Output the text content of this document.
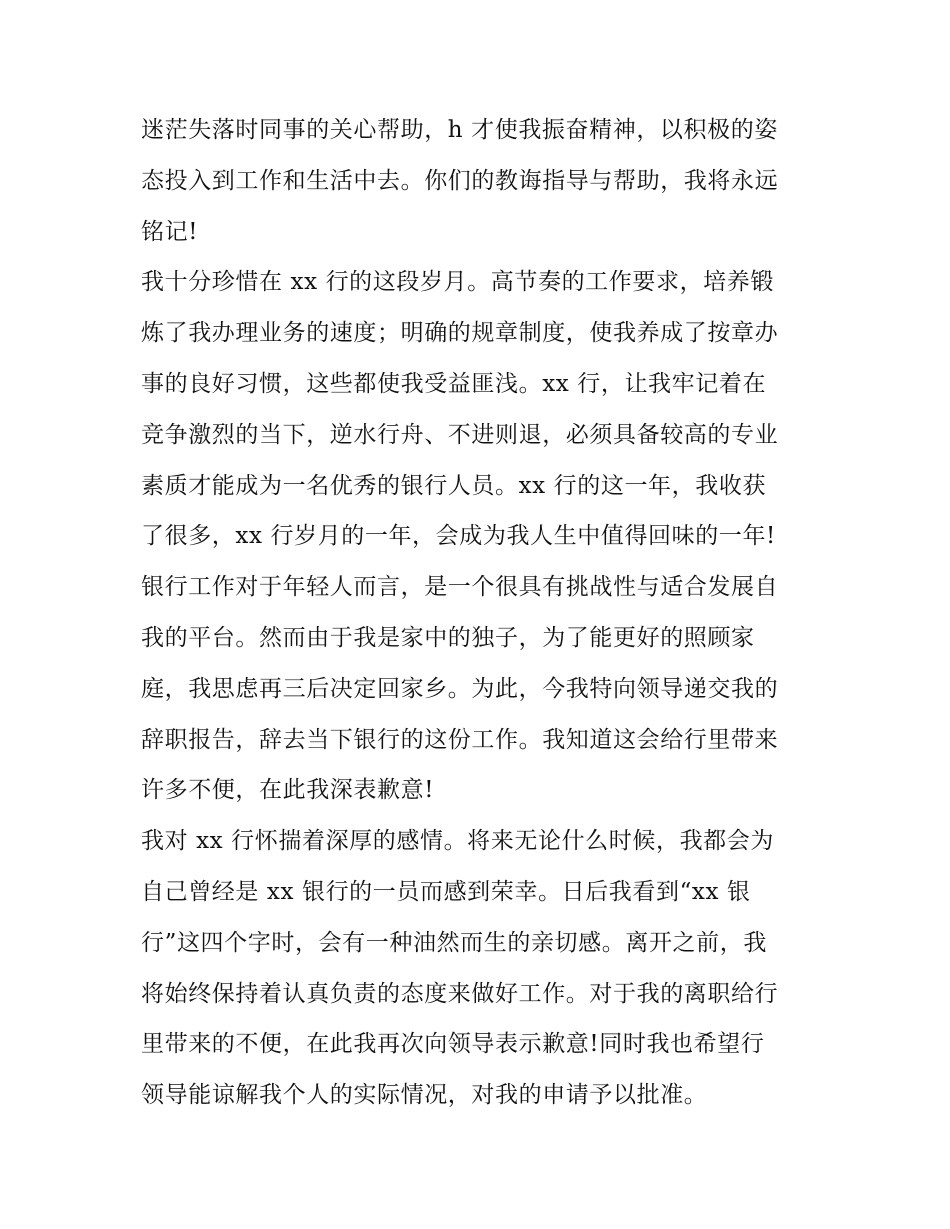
迷茫失落时同事的关心帮助，h 才使我振奋精神，以积极的姿
态投入到工作和生活中去。你们的教诲指导与帮助，我将永远
铭记!
我十分珍惜在 xx 行的这段岁月。高节奏的工作要求，培养锻
炼了我办理业务的速度；明确的规章制度，使我养成了按章办
事的良好习惯，这些都使我受益匪浅。xx 行，让我牢记着在
竞争激烈的当下，逆水行舟、不进则退，必须具备较高的专业
素质才能成为一名优秀的银行人员。xx 行的这一年，我收获
了很多，xx 行岁月的一年，会成为我人生中值得回味的一年!
银行工作对于年轻人而言，是一个很具有挑战性与适合发展自
我的平台。然而由于我是家中的独子，为了能更好的照顾家
庭，我思虑再三后决定回家乡。为此，今我特向领导递交我的
辞职报告，辞去当下银行的这份工作。我知道这会给行里带来
许多不便，在此我深表歉意!
我对 xx 行怀揣着深厚的感情。将来无论什么时候，我都会为
自己曾经是 xx 银行的一员而感到荣幸。日后我看到“xx 银
行”这四个字时，会有一种油然而生的亲切感。离开之前，我
将始终保持着认真负责的态度来做好工作。对于我的离职给行
里带来的不便，在此我再次向领导表示歉意!同时我也希望行
领导能谅解我个人的实际情况，对我的申请予以批准。
